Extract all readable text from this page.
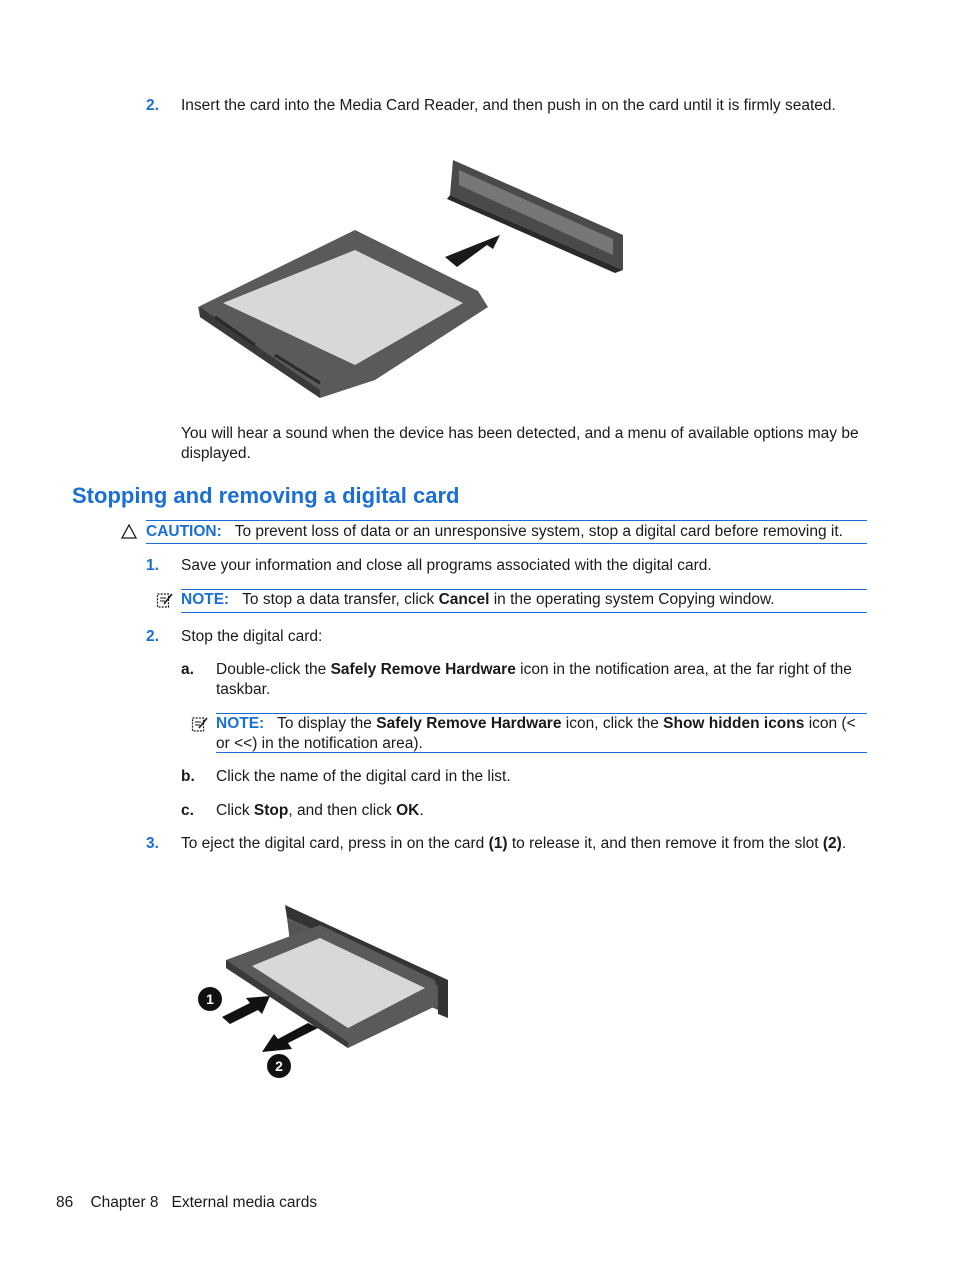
2. Insert the card into the Media Card Reader, and then push in on the card until it is firmly seated.
You will hear a sound when the device has been detected, and a menu of available options may be displayed.
Stopping and removing a digital card
CAUTION: To prevent loss of data or an unresponsive system, stop a digital card before removing it.
1. Save your information and close all programs associated with the digital card.
NOTE: To stop a data transfer, click Cancel in the operating system Copying window.
2. Stop the digital card:
a. Double-click the Safely Remove Hardware icon in the notification area, at the far right of the taskbar.
NOTE: To display the Safely Remove Hardware icon, click the Show hidden icons icon (< or <<) in the notification area).
b. Click the name of the digital card in the list.
c. Click Stop, and then click OK.
3. To eject the digital card, press in on the card (1) to release it, and then remove it from the slot (2).
1
2
86 Chapter 8 External media cards
